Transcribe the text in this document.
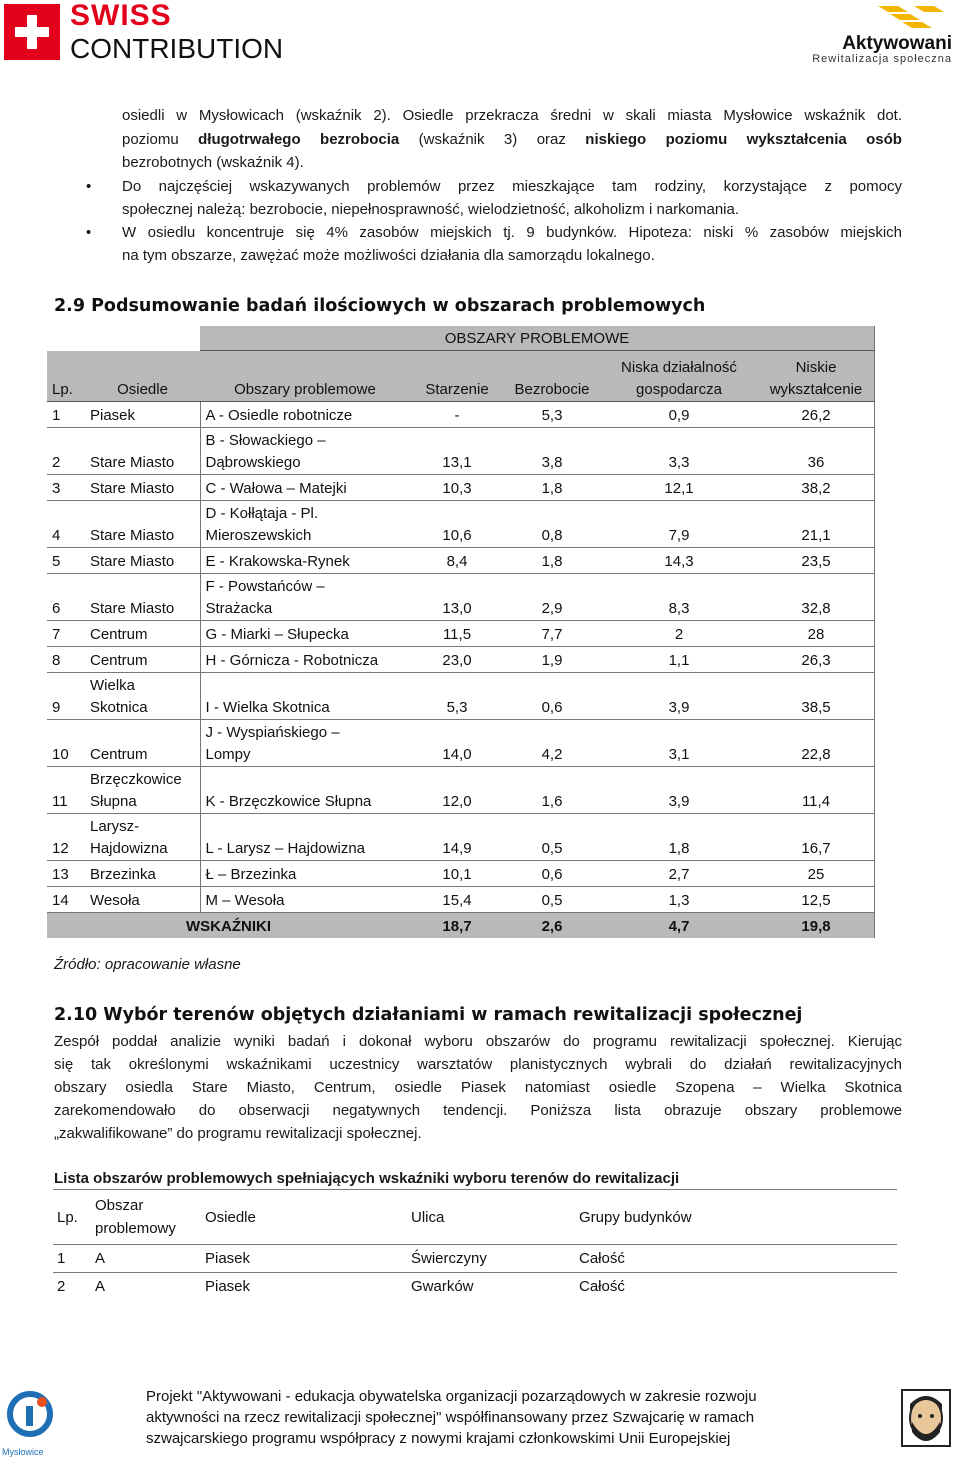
SWISS
CONTRIBUTION	Aktywowani
Rewitalizacja społeczna
osiedli w Mysłowicach (wskaźnik 2). Osiedle przekracza średni w skali miasta Mysłowice wskaźnik dot.
poziomu długotrwałego bezrobocia (wskaźnik 3) oraz niskiego poziomu wykształcenia osób
bezrobotnych (wskaźnik 4).
• Do najczęściej wskazywanych problemów przez mieszkające tam rodziny, korzystające z pomocy
społecznej należą: bezrobocie, niepełnosprawność, wielodzietność, alkoholizm i narkomania.
• W osiedlu koncentruje się 4% zasobów miejskich tj. 9 budynków. Hipoteza: niski % zasobów miejskich
na tym obszarze, zawężać może możliwości działania dla samorządu lokalnego.
2.9 Podsumowanie badań ilościowych w obszarach problemowych
		OBSZARY PROBLEMOWE				
Lp.	Osiedle	Obszary problemowe	Starzenie	Bezrobocie	Niska działalność
gospodarcza	Niskie
wykształcenie
1	Piasek	A - Osiedle robotnicze	-	5,3	0,9	26,2
2	Stare Miasto	B - Słowackiego –
Dąbrowskiego	13,1	3,8	3,3	36
3	Stare Miasto	C - Wałowa – Matejki	10,3	1,8	12,1	38,2
4	Stare Miasto	D - Kołłątaja - Pl.
Mieroszewskich	10,6	0,8	7,9	21,1
5	Stare Miasto	E - Krakowska-Rynek	8,4	1,8	14,3	23,5
6	Stare Miasto	F - Powstańców –
Strażacka	13,0	2,9	8,3	32,8
7	Centrum	G - Miarki – Słupecka	11,5	7,7	2	28
8	Centrum	H - Górnicza - Robotnicza	23,0	1,9	1,1	26,3
9	Wielka
Skotnica	I - Wielka Skotnica	5,3	0,6	3,9	38,5
10	Centrum	J - Wyspiańskiego –
Lompy	14,0	4,2	3,1	22,8
11	Brzęczkowice
Słupna	K - Brzęczkowice Słupna	12,0	1,6	3,9	11,4
12	Larysz-
Hajdowizna	L - Larysz – Hajdowizna	14,9	0,5	1,8	16,7
13	Brzezinka	Ł – Brzezinka	10,1	0,6	2,7	25
14	Wesoła	M – Wesoła	15,4	0,5	1,3	12,5
WSKAŹNIKI			18,7	2,6	4,7	19,8
Źródło: opracowanie własne
2.10 Wybór terenów objętych działaniami w ramach rewitalizacji społecznej
Zespół poddał analizie wyniki badań i dokonał wyboru obszarów do programu rewitalizacji społecznej. Kierując
się tak określonymi wskaźnikami uczestnicy warsztatów planistycznych wybrali do działań rewitalizacyjnych
obszary osiedla Stare Miasto, Centrum, osiedle Piasek natomiast osiedle Szopena – Wielka Skotnica
zarekomendowało do obserwacji negatywnych tendencji. Poniższa lista obrazuje obszary problemowe
„zakwalifikowane” do programu rewitalizacji społecznej.
Lista obszarów problemowych spełniających wskaźniki wyboru terenów do rewitalizacji
Lp.	Obszar
problemowy	Osiedle	Ulica	Grupy budynków
1	A	Piasek	Świerczyny	Całość
2	A	Piasek	Gwarków	Całość
Mysłowice
Projekt "Aktywowani - edukacja obywatelska organizacji pozarządowych w zakresie rozwoju
aktywności na rzecz rewitalizacji społecznej" współfinansowany przez Szwajcarię w ramach
szwajcarskiego programu współpracy z nowymi krajami członkowskimi Unii Europejskiej
